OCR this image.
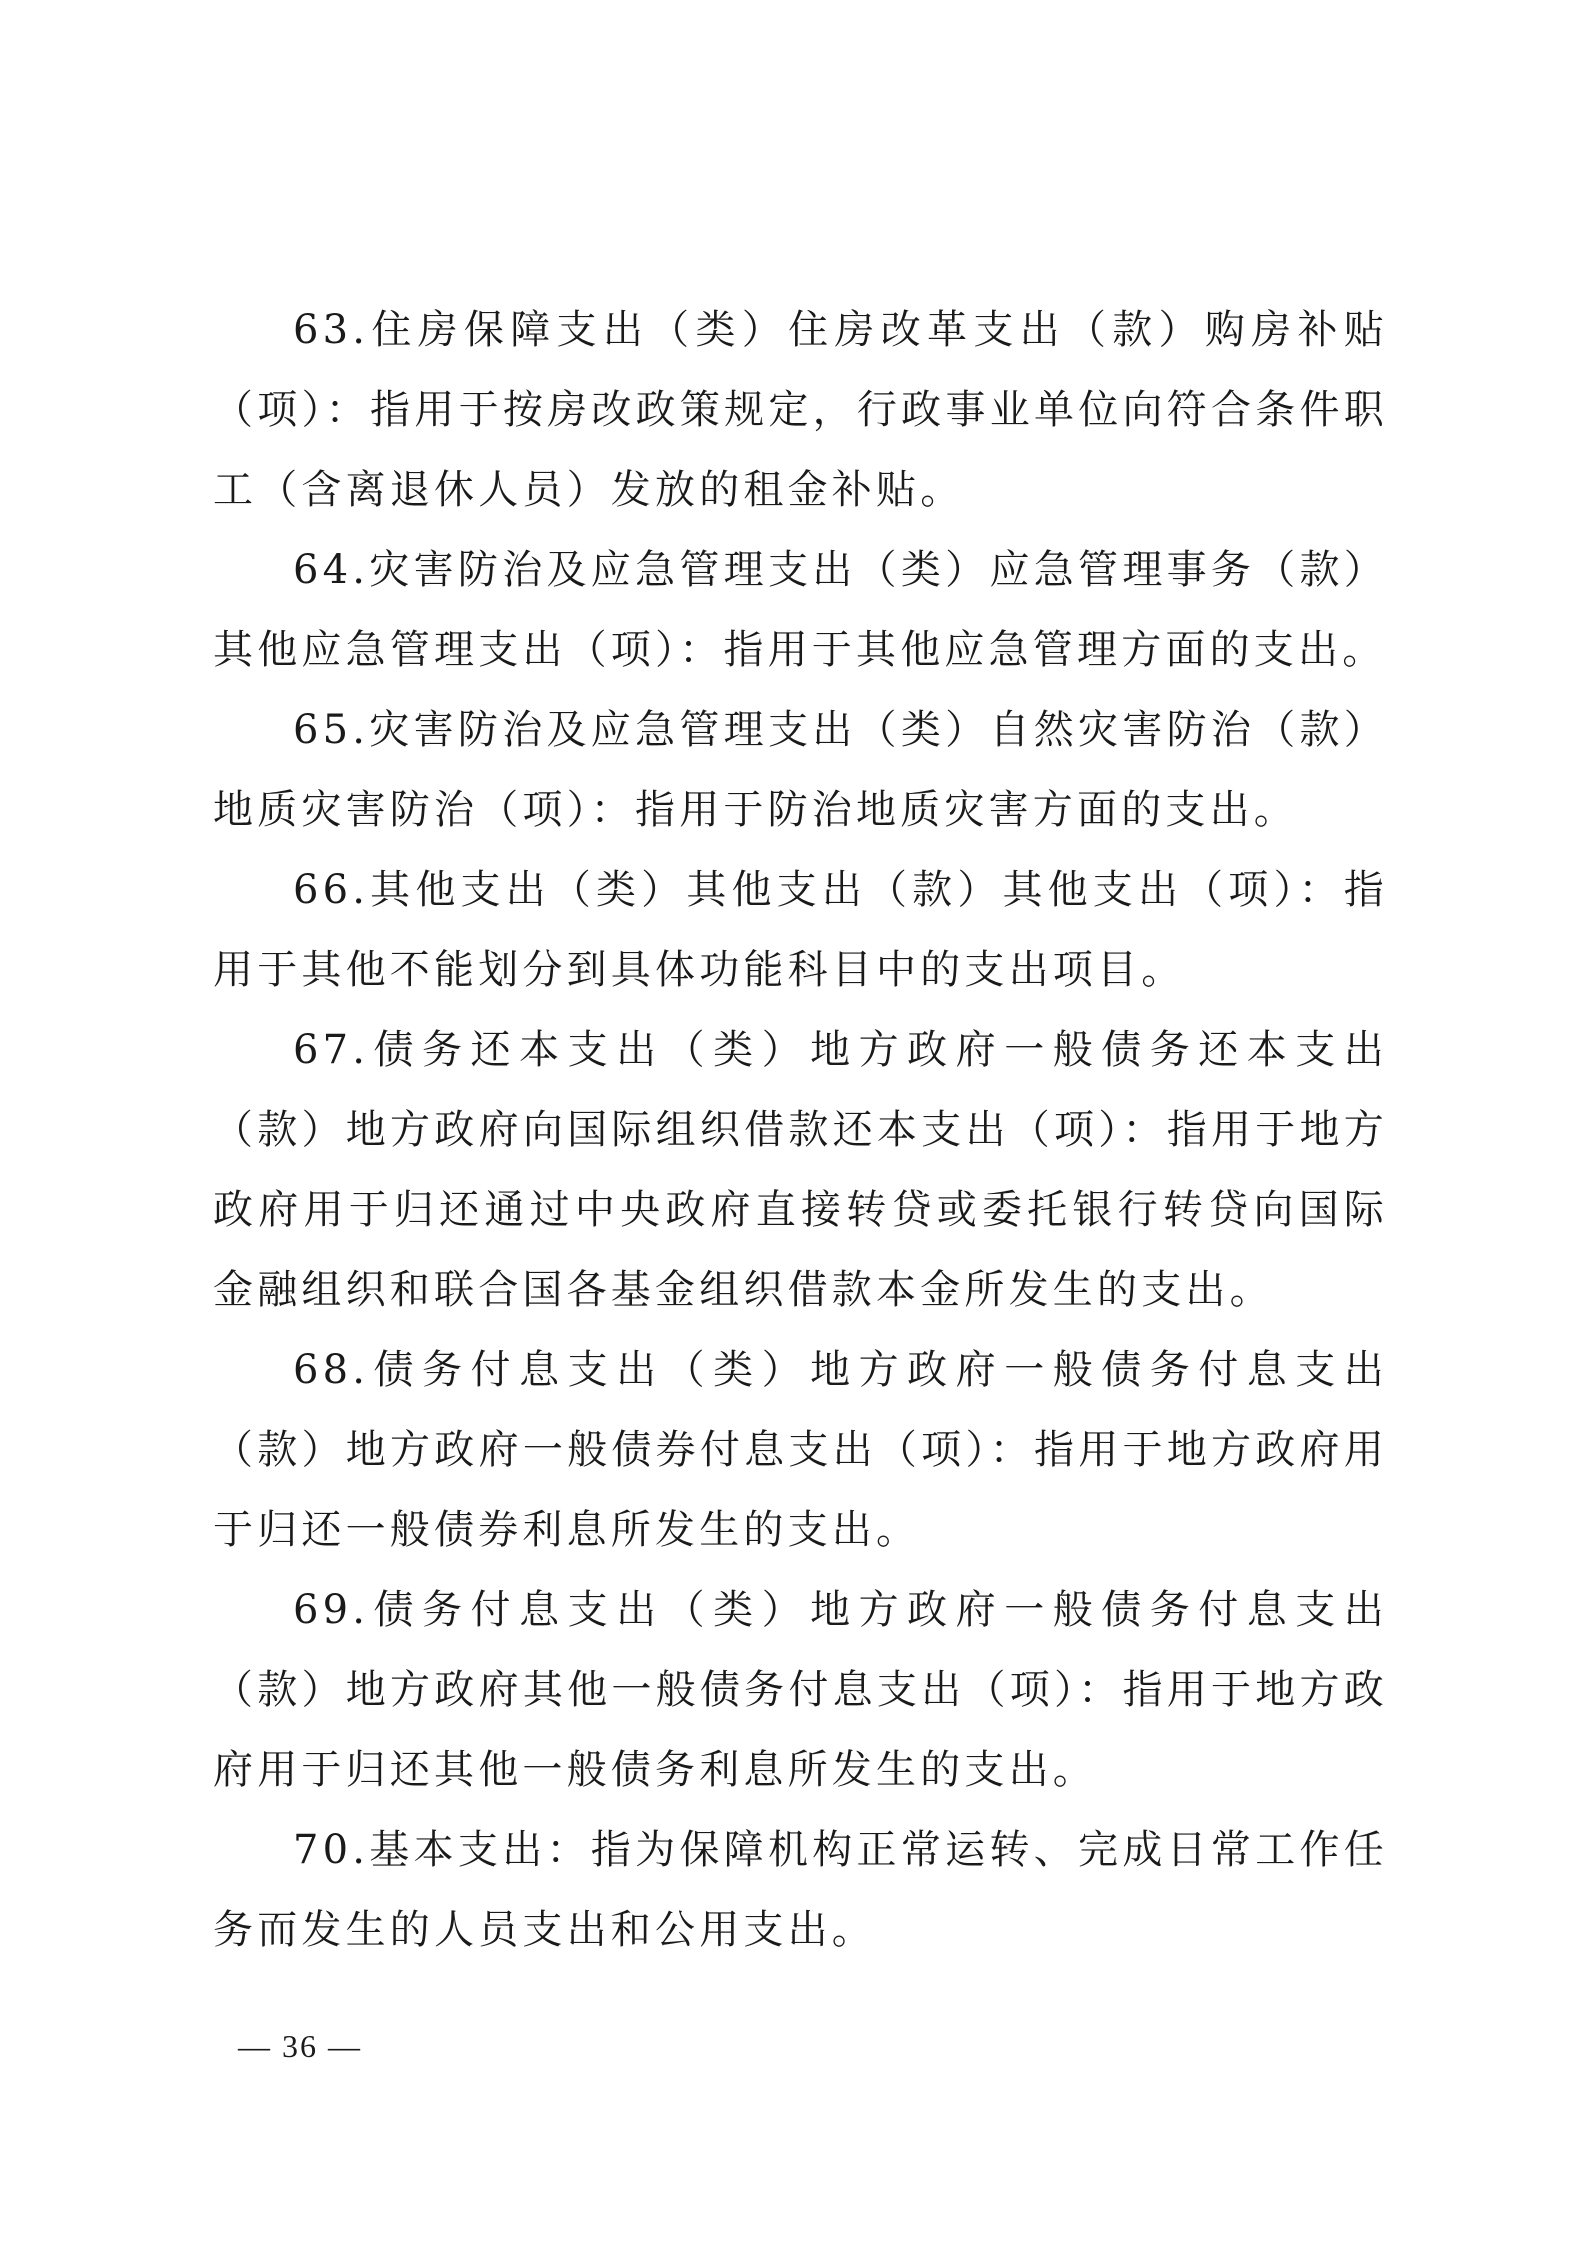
63.住房保障支出（类）住房改革支出（款）购房补贴（项）：指用于按房改政策规定，行政事业单位向符合条件职工（含离退休人员）发放的租金补贴。

64.灾害防治及应急管理支出（类）应急管理事务（款）其他应急管理支出（项）：指用于其他应急管理方面的支出。

65.灾害防治及应急管理支出（类）自然灾害防治（款）地质灾害防治（项）：指用于防治地质灾害方面的支出。

66.其他支出（类）其他支出（款）其他支出（项）：指用于其他不能划分到具体功能科目中的支出项目。

67.债务还本支出（类）地方政府一般债务还本支出（款）地方政府向国际组织借款还本支出（项）：指用于地方政府用于归还通过中央政府直接转贷或委托银行转贷向国际金融组织和联合国各基金组织借款本金所发生的支出。

68.债务付息支出（类）地方政府一般债务付息支出（款）地方政府一般债券付息支出（项）：指用于地方政府用于归还一般债券利息所发生的支出。

69.债务付息支出（类）地方政府一般债务付息支出（款）地方政府其他一般债务付息支出（项）：指用于地方政府用于归还其他一般债务利息所发生的支出。

70.基本支出：指为保障机构正常运转、完成日常工作任务而发生的人员支出和公用支出。

— 36 —
